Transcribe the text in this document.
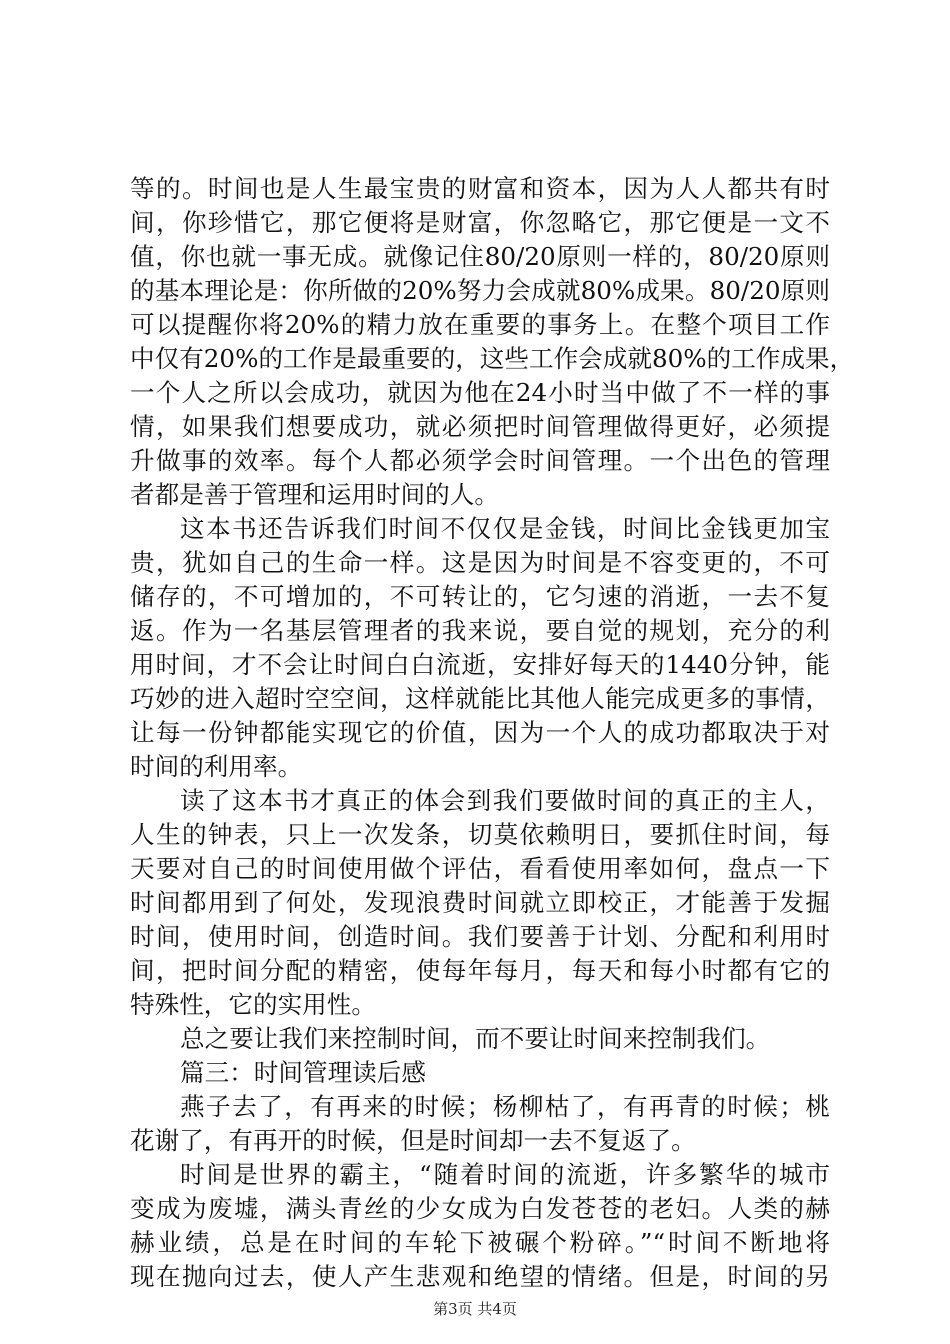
等的。时间也是人生最宝贵的财富和资本，因为人人都共有时
间，你珍惜它，那它便将是财富，你忽略它，那它便是一文不
值，你也就一事无成。就像记住80/20原则一样的，80/20原则
的基本理论是：你所做的20%努力会成就80%成果。80/20原则
可以提醒你将20%的精力放在重要的事务上。在整个项目工作
中仅有20%的工作是最重要的，这些工作会成就80%的工作成果，
一个人之所以会成功，就因为他在24小时当中做了不一样的事
情，如果我们想要成功，就必须把时间管理做得更好，必须提
升做事的效率。每个人都必须学会时间管理。一个出色的管理
者都是善于管理和运用时间的人。
这本书还告诉我们时间不仅仅是金钱，时间比金钱更加宝
贵，犹如自己的生命一样。这是因为时间是不容变更的，不可
储存的，不可增加的，不可转让的，它匀速的消逝，一去不复
返。作为一名基层管理者的我来说，要自觉的规划，充分的利
用时间，才不会让时间白白流逝，安排好每天的1440分钟，能
巧妙的进入超时空空间，这样就能比其他人能完成更多的事情，
让每一份钟都能实现它的价值，因为一个人的成功都取决于对
时间的利用率。
读了这本书才真正的体会到我们要做时间的真正的主人，
人生的钟表，只上一次发条，切莫依赖明日，要抓住时间，每
天要对自己的时间使用做个评估，看看使用率如何，盘点一下
时间都用到了何处，发现浪费时间就立即校正，才能善于发掘
时间，使用时间，创造时间。我们要善于计划、分配和利用时
间，把时间分配的精密，使每年每月，每天和每小时都有它的
特殊性，它的实用性。
总之要让我们来控制时间，而不要让时间来控制我们。
篇三：时间管理读后感
燕子去了，有再来的时候；杨柳枯了，有再青的时候；桃
花谢了，有再开的时候，但是时间却一去不复返了。
时间是世界的霸主，“随着时间的流逝，许多繁华的城市
变成为废墟，满头青丝的少女成为白发苍苍的老妇。人类的赫
赫业绩，总是在时间的车轮下被碾个粉碎。”“时间不断地将
现在抛向过去，使人产生悲观和绝望的情绪。但是，时间的另
第3页 共4页
